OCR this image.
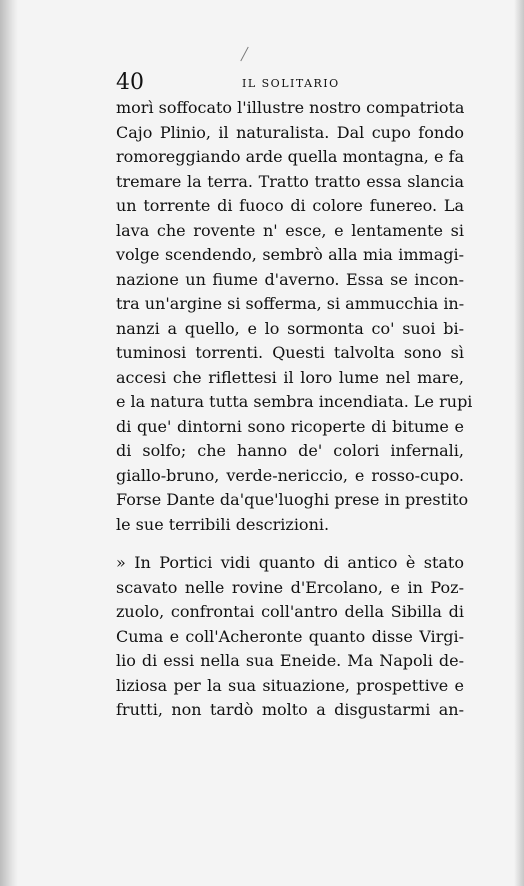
40	IL SOLITARIO
morì soffocato l'illustre nostro compatriota
Cajo Plinio, il naturalista. Dal cupo fondo
romoreggiando arde quella montagna, e fa
tremare la terra. Tratto tratto essa slancia
un torrente di fuoco di colore funereo. La
lava che rovente n' esce, e lentamente si
volge scendendo, sembrò alla mia immagi-
nazione un fiume d'averno. Essa se incon-
tra un'argine si sofferma, si ammucchia in-
nanzi a quello, e lo sormonta co' suoi bi-
tuminosi torrenti. Questi talvolta sono sì
accesi che riflettesi il loro lume nel mare,
e la natura tutta sembra incendiata. Le rupi
di que' dintorni sono ricoperte di bitume e
di solfo; che hanno de' colori infernali,
giallo-bruno, verde-nericcio, e rosso-cupo.
Forse Dante da'que'luoghi prese in prestito
le sue terribili descrizioni.
» In Portici vidi quanto di antico è stato
scavato nelle rovine d'Ercolano, e in Poz-
zuolo, confrontai coll'antro della Sibilla di
Cuma e coll'Acheronte quanto disse Virgi-
lio di essi nella sua Eneide. Ma Napoli de-
liziosa per la sua situazione, prospettive e
frutti, non tardò molto a disgustarmi an-
